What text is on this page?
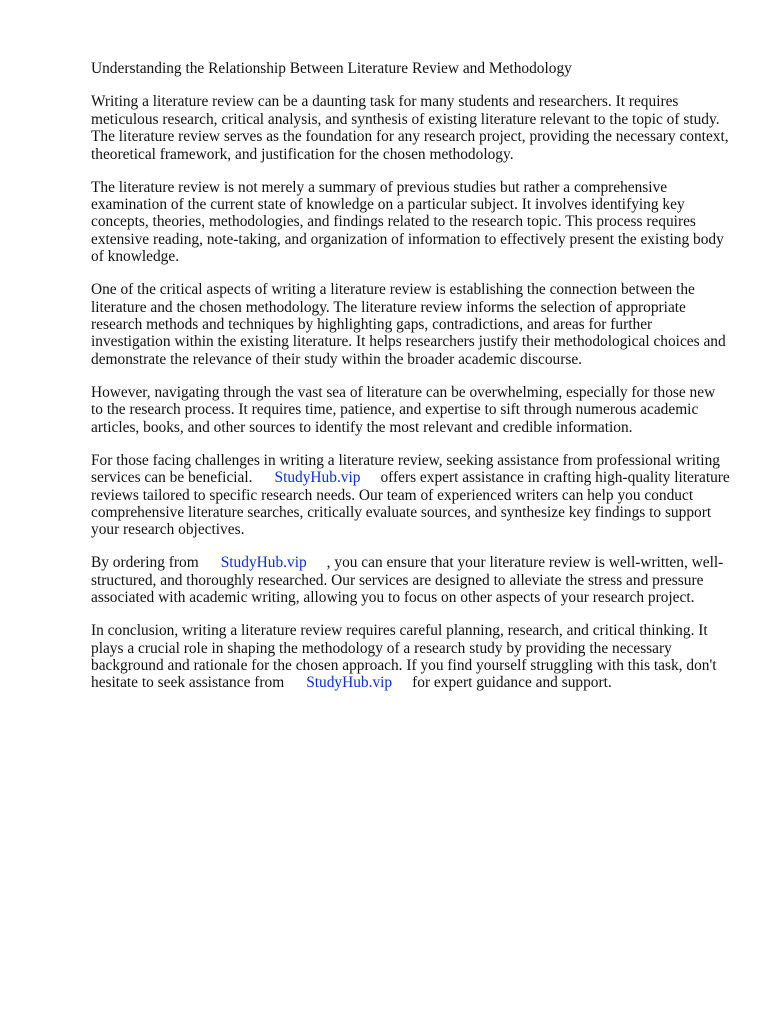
Understanding the Relationship Between Literature Review and Methodology

Writing a literature review can be a daunting task for many students and researchers. It requires meticulous research, critical analysis, and synthesis of existing literature relevant to the topic of study. The literature review serves as the foundation for any research project, providing the necessary context, theoretical framework, and justification for the chosen methodology.

The literature review is not merely a summary of previous studies but rather a comprehensive examination of the current state of knowledge on a particular subject. It involves identifying key concepts, theories, methodologies, and findings related to the research topic. This process requires extensive reading, note-taking, and organization of information to effectively present the existing body of knowledge.

One of the critical aspects of writing a literature review is establishing the connection between the literature and the chosen methodology. The literature review informs the selection of appropriate research methods and techniques by highlighting gaps, contradictions, and areas for further investigation within the existing literature. It helps researchers justify their methodological choices and demonstrate the relevance of their study within the broader academic discourse.

However, navigating through the vast sea of literature can be overwhelming, especially for those new to the research process. It requires time, patience, and expertise to sift through numerous academic articles, books, and other sources to identify the most relevant and credible information.

For those facing challenges in writing a literature review, seeking assistance from professional writing services can be beneficial. StudyHub.vip offers expert assistance in crafting high-quality literature reviews tailored to specific research needs. Our team of experienced writers can help you conduct comprehensive literature searches, critically evaluate sources, and synthesize key findings to support your research objectives.

By ordering from StudyHub.vip , you can ensure that your literature review is well-written, well-structured, and thoroughly researched. Our services are designed to alleviate the stress and pressure associated with academic writing, allowing you to focus on other aspects of your research project.

In conclusion, writing a literature review requires careful planning, research, and critical thinking. It plays a crucial role in shaping the methodology of a research study by providing the necessary background and rationale for the chosen approach. If you find yourself struggling with this task, don't hesitate to seek assistance from StudyHub.vip for expert guidance and support.
